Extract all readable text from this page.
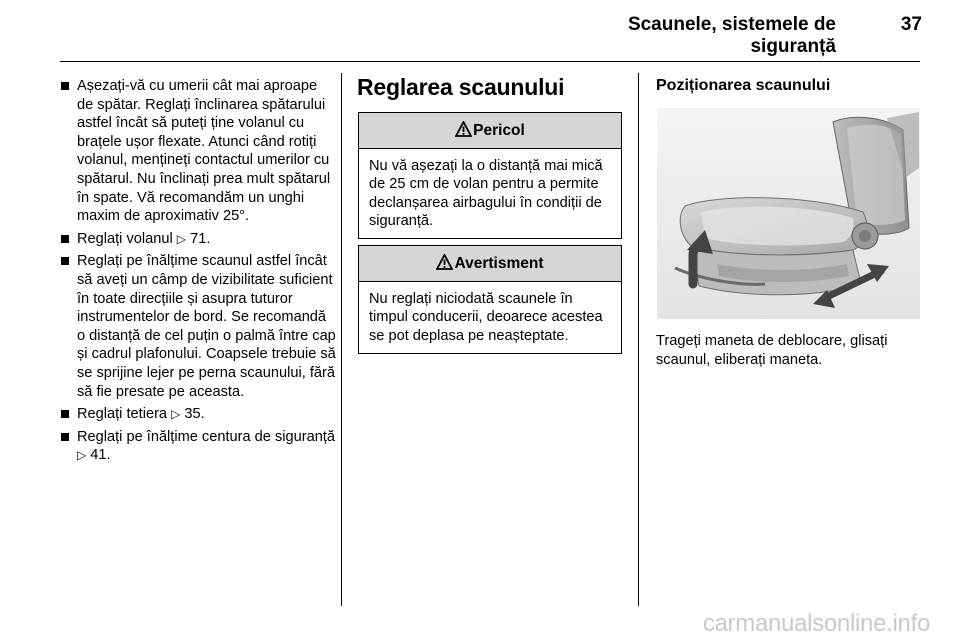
Scaunele, sistemele de siguranță
37
Așezați-vă cu umerii cât mai aproape de spătar. Reglați înclinarea spătarului astfel încât să puteți ține volanul cu brațele ușor flexate. Atunci când rotiți volanul, mențineți contactul umerilor cu spătarul. Nu înclinați prea mult spătarul în spate. Vă recomandăm un unghi maxim de aproximativ 25°.
Reglați volanul ▷ 71.
Reglați pe înălțime scaunul astfel încât să aveți un câmp de vizibilitate suficient în toate direcțiile și asupra tuturor instrumentelor de bord. Se recomandă o distanță de cel puțin o palmă între cap și cadrul plafonului. Coapsele trebuie să se sprijine lejer pe perna scaunului, fără să fie presate pe aceasta.
Reglați tetiera ▷ 35.
Reglați pe înălțime centura de siguranță ▷ 41.
Reglarea scaunului
Pericol
Nu vă așezați la o distanță mai mică de 25 cm de volan pentru a permite declanșarea airbagului în condiții de siguranță.
Avertisment
Nu reglați niciodată scaunele în timpul conducerii, deoarece acestea se pot deplasa pe neașteptate.
Poziționarea scaunului
Trageți maneta de deblocare, glisați scaunul, eliberați maneta.
carmanualsonline.info
